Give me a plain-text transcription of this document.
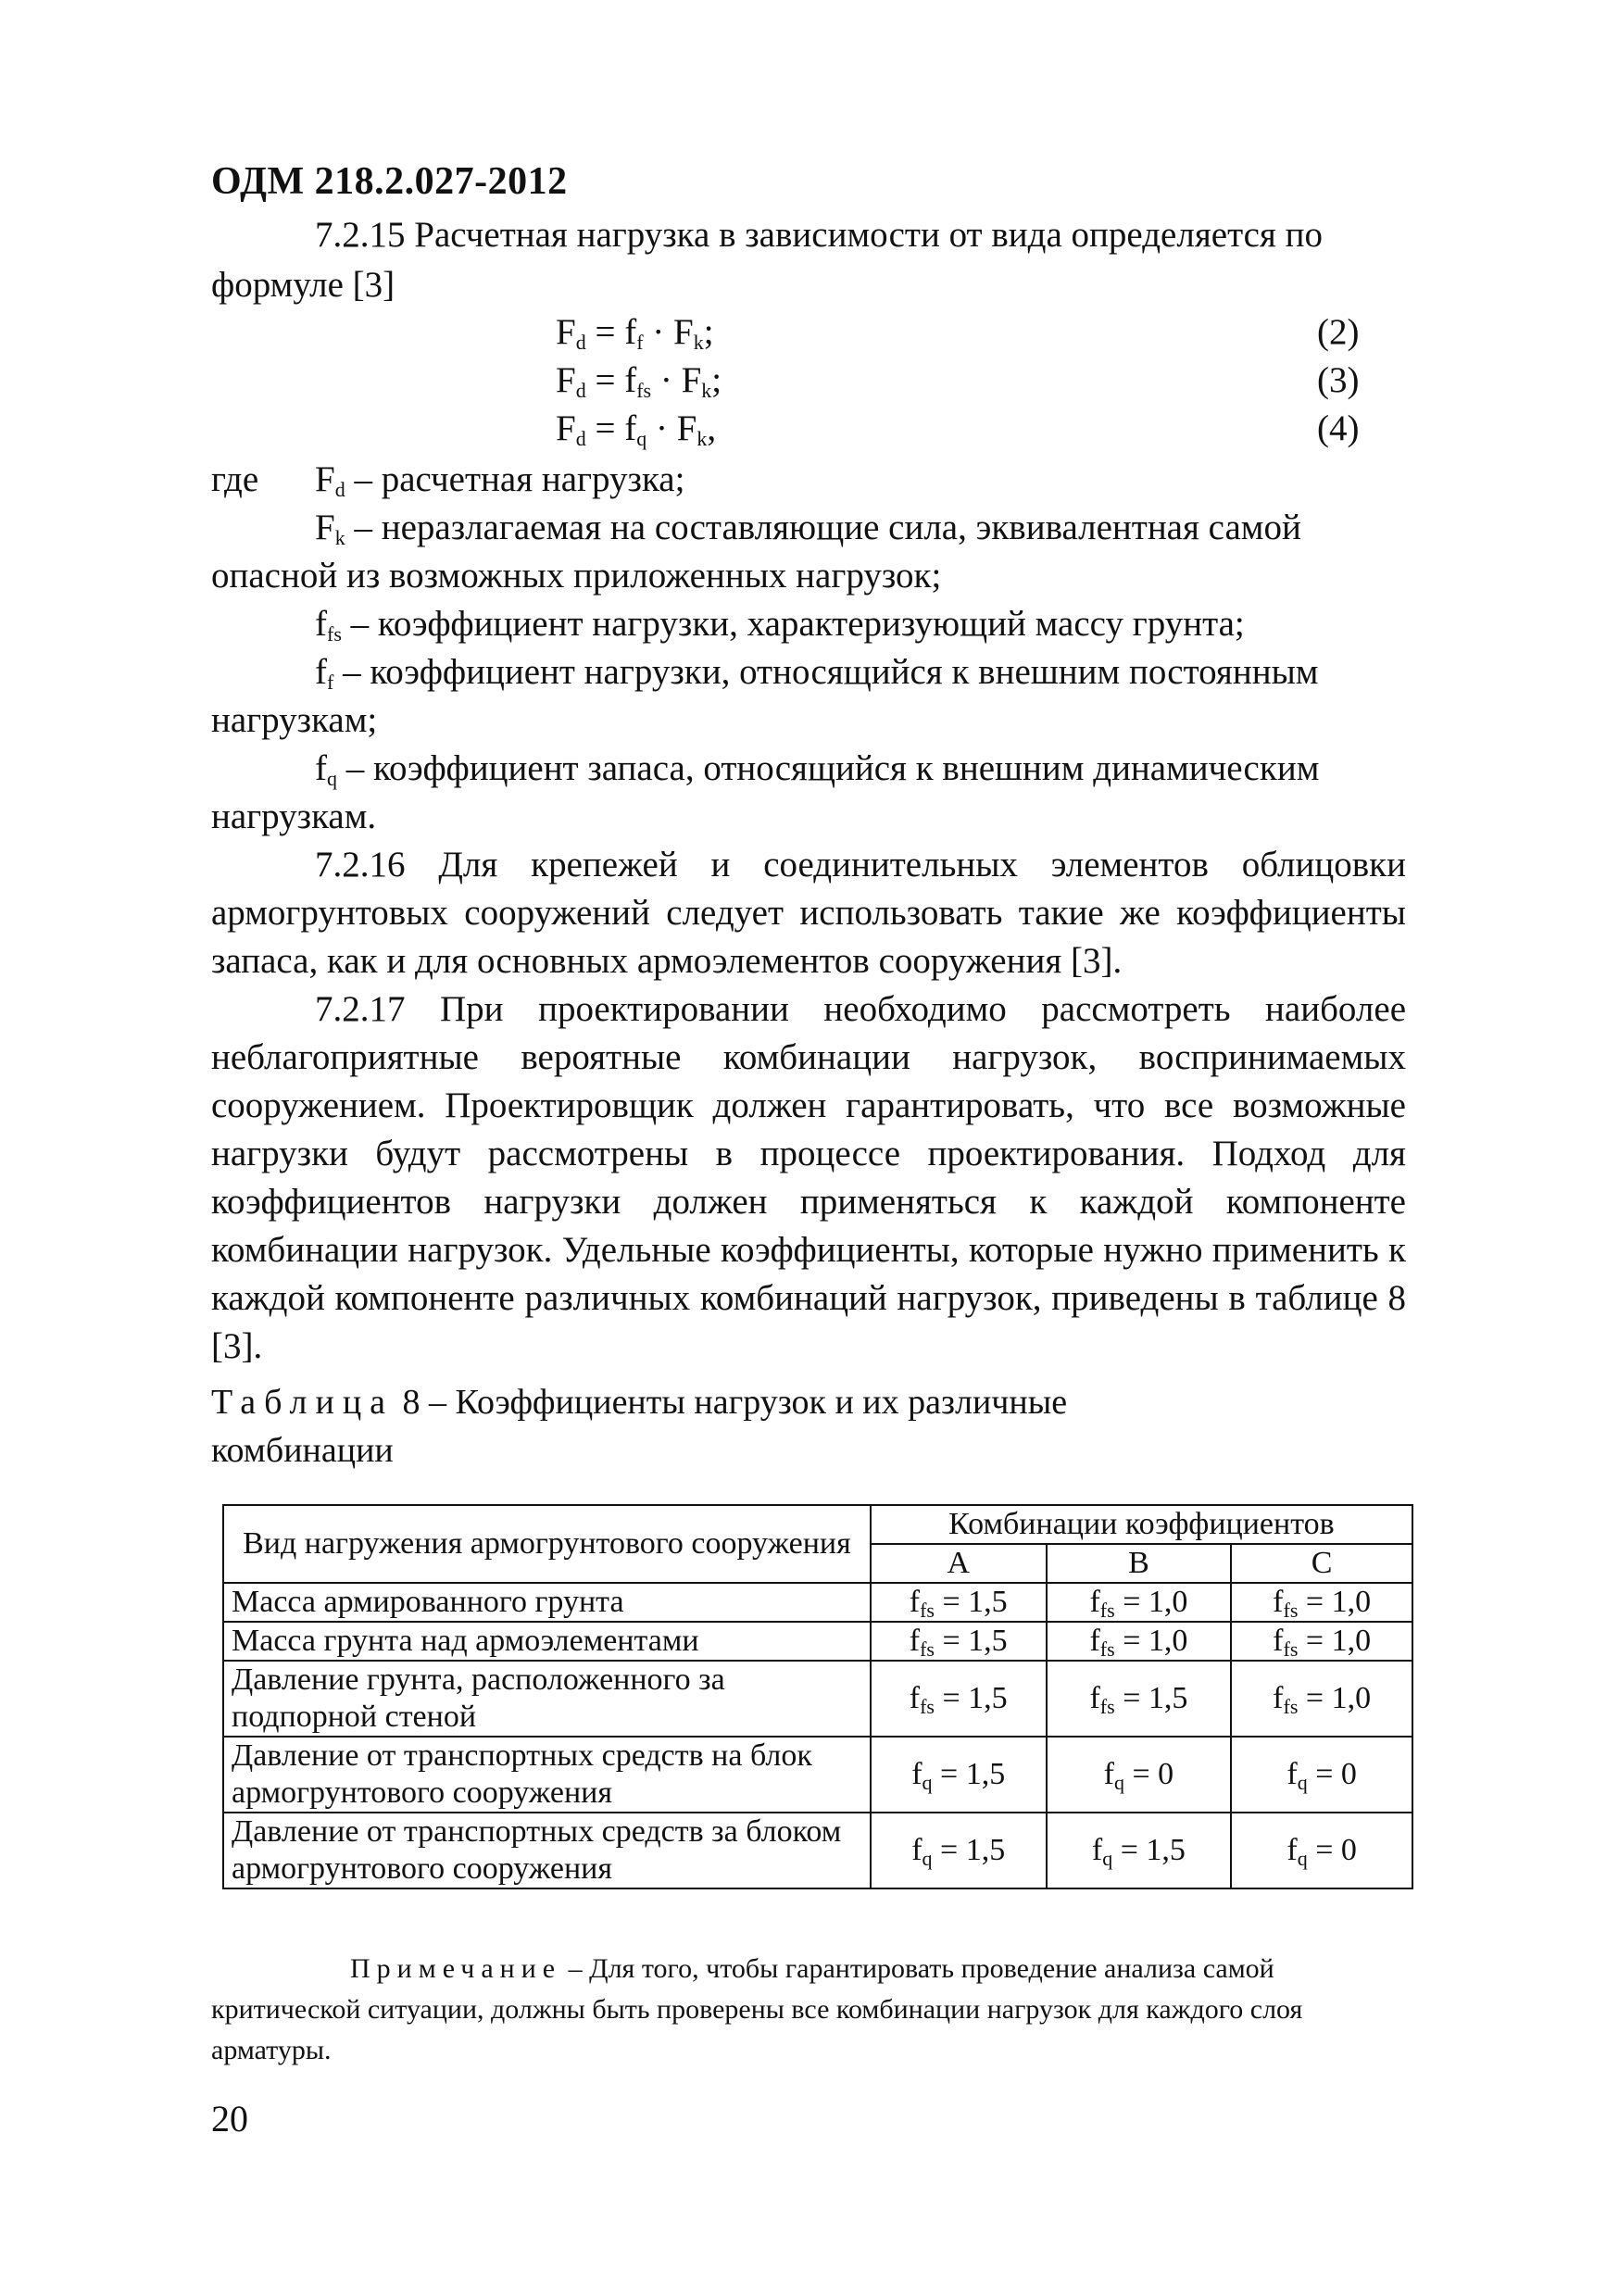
ОДМ 218.2.027-2012
7.2.15 Расчетная нагрузка в зависимости от вида определяется по
формуле [3]
$F_d = f_f \cdot F_k$;	(2)
$F_d = f_{fs} \cdot F_k$;	(3)
$F_d = f_q \cdot F_k$,	(4)
где $F_d$ – расчетная нагрузка;
$F_k$ – неразлагаемая на составляющие сила, эквивалентная самой
опасной из возможных приложенных нагрузок;
$f_{fs}$ – коэффициент нагрузки, характеризующий массу грунта;
$f_f$ – коэффициент нагрузки, относящийся к внешним постоянным
нагрузкам;
$f_q$ – коэффициент запаса, относящийся к внешним динамическим
нагрузкам.
7.2.16 Для крепежей и соединительных элементов облицовки армогрунтовых сооружений следует использовать такие же коэффициенты запаса, как и для основных армоэлементов сооружения [3].
7.2.17 При проектировании необходимо рассмотреть наиболее неблагоприятные вероятные комбинации нагрузок, воспринимаемых сооружением. Проектировщик должен гарантировать, что все возможные нагрузки будут рассмотрены в процессе проектирования. Подход для коэффициентов нагрузки должен применяться к каждой компоненте комбинации нагрузок. Удельные коэффициенты, которые нужно применить к каждой компоненте различных комбинаций нагрузок, приведены в таблице 8 [3].
Таблица 8 – Коэффициенты нагрузок и их различные
комбинации
Вид нагружения армогрунтового сооружения	Комбинации коэффициентов		
	A	B	C
Масса армированного грунта	$f_{fs} = 1,5$	$f_{fs} = 1,0$	$f_{fs} = 1,0$
Масса грунта над армоэлементами	$f_{fs} = 1,5$	$f_{fs} = 1,0$	$f_{fs} = 1,0$
Давление грунта, расположенного за подпорной стеной	$f_{fs} = 1,5$	$f_{fs} = 1,5$	$f_{fs} = 1,0$
Давление от транспортных средств на блок армогрунтового сооружения	$f_q = 1,5$	$f_q = 0$	$f_q = 0$
Давление от транспортных средств за блоком армогрунтового сооружения	$f_q = 1,5$	$f_q = 1,5$	$f_q = 0$
Примечание – Для того, чтобы гарантировать проведение анализа самой критической ситуации, должны быть проверены все комбинации нагрузок для каждого слоя арматуры.
20
